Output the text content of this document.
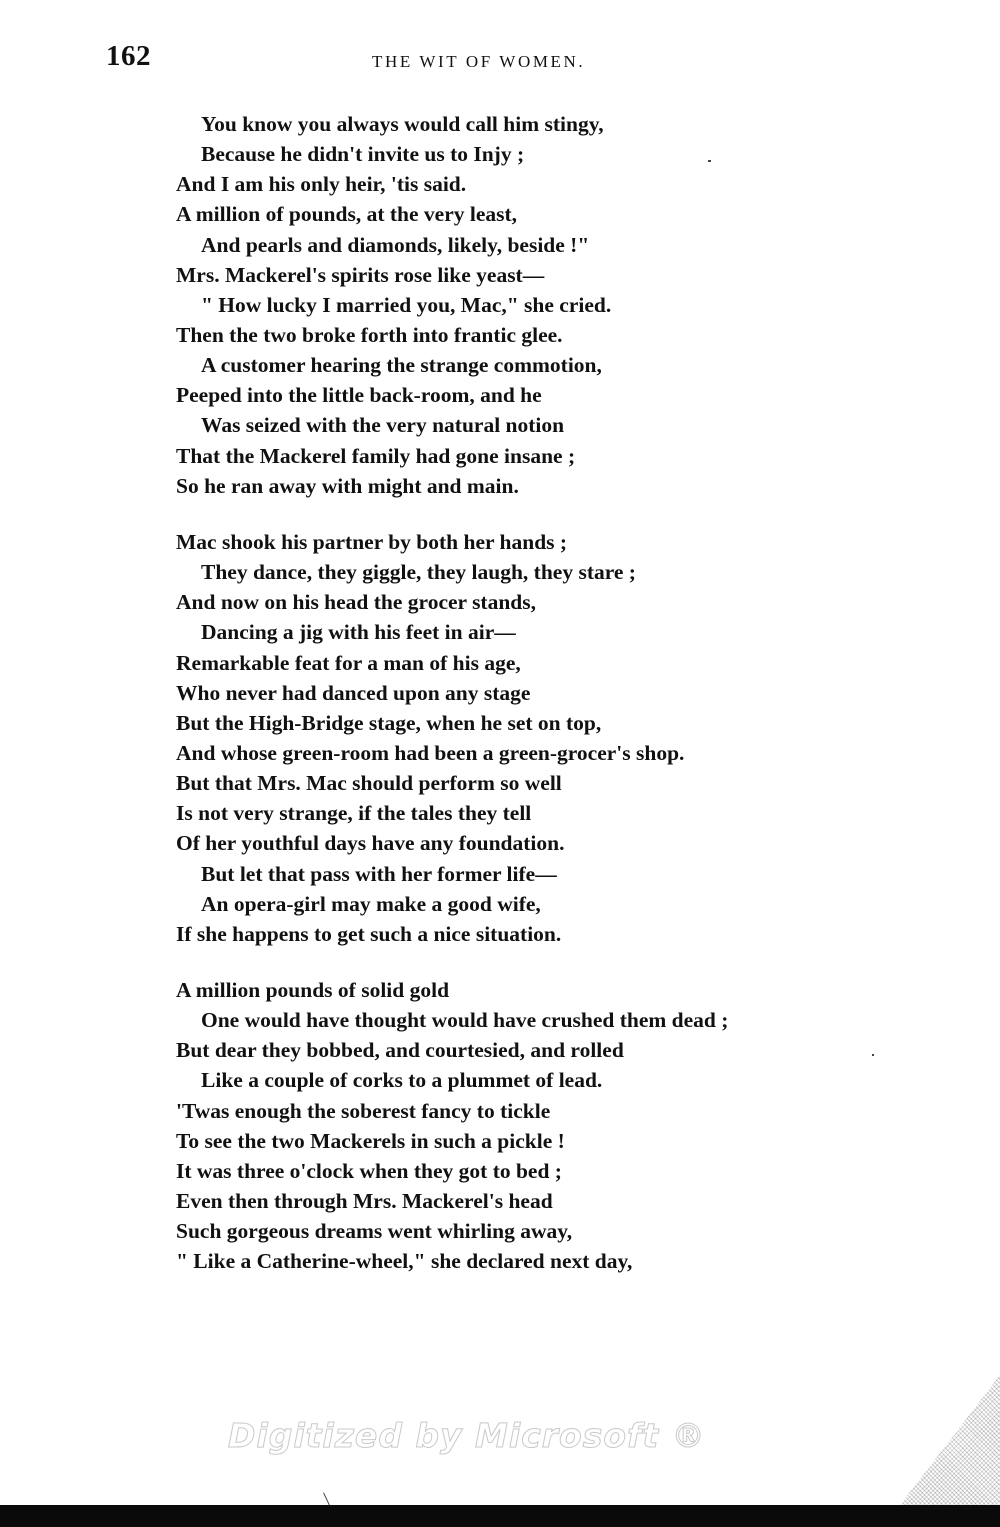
162	THE WIT OF WOMEN.
You know you always would call him stingy,
Because he didn't invite us to Injy ;
And I am his only heir, 'tis said.
A million of pounds, at the very least,
And pearls and diamonds, likely, beside !"
Mrs. Mackerel's spirits rose like yeast—
" How lucky I married you, Mac," she cried.
Then the two broke forth into frantic glee.
A customer hearing the strange commotion,
Peeped into the little back-room, and he
Was seized with the very natural notion
That the Mackerel family had gone insane ;
So he ran away with might and main.
Mac shook his partner by both her hands ;
They dance, they giggle, they laugh, they stare ;
And now on his head the grocer stands,
Dancing a jig with his feet in air—
Remarkable feat for a man of his age,
Who never had danced upon any stage
But the High-Bridge stage, when he set on top,
And whose green-room had been a green-grocer's shop.
But that Mrs. Mac should perform so well
Is not very strange, if the tales they tell
Of her youthful days have any foundation.
But let that pass with her former life—
An opera-girl may make a good wife,
If she happens to get such a nice situation.
A million pounds of solid gold
One would have thought would have crushed them dead ;
But dear they bobbed, and courtesied, and rolled
Like a couple of corks to a plummet of lead.
'Twas enough the soberest fancy to tickle
To see the two Mackerels in such a pickle !
It was three o'clock when they got to bed ;
Even then through Mrs. Mackerel's head
Such gorgeous dreams went whirling away,
" Like a Catherine-wheel," she declared next day,
Digitized by Microsoft ®
